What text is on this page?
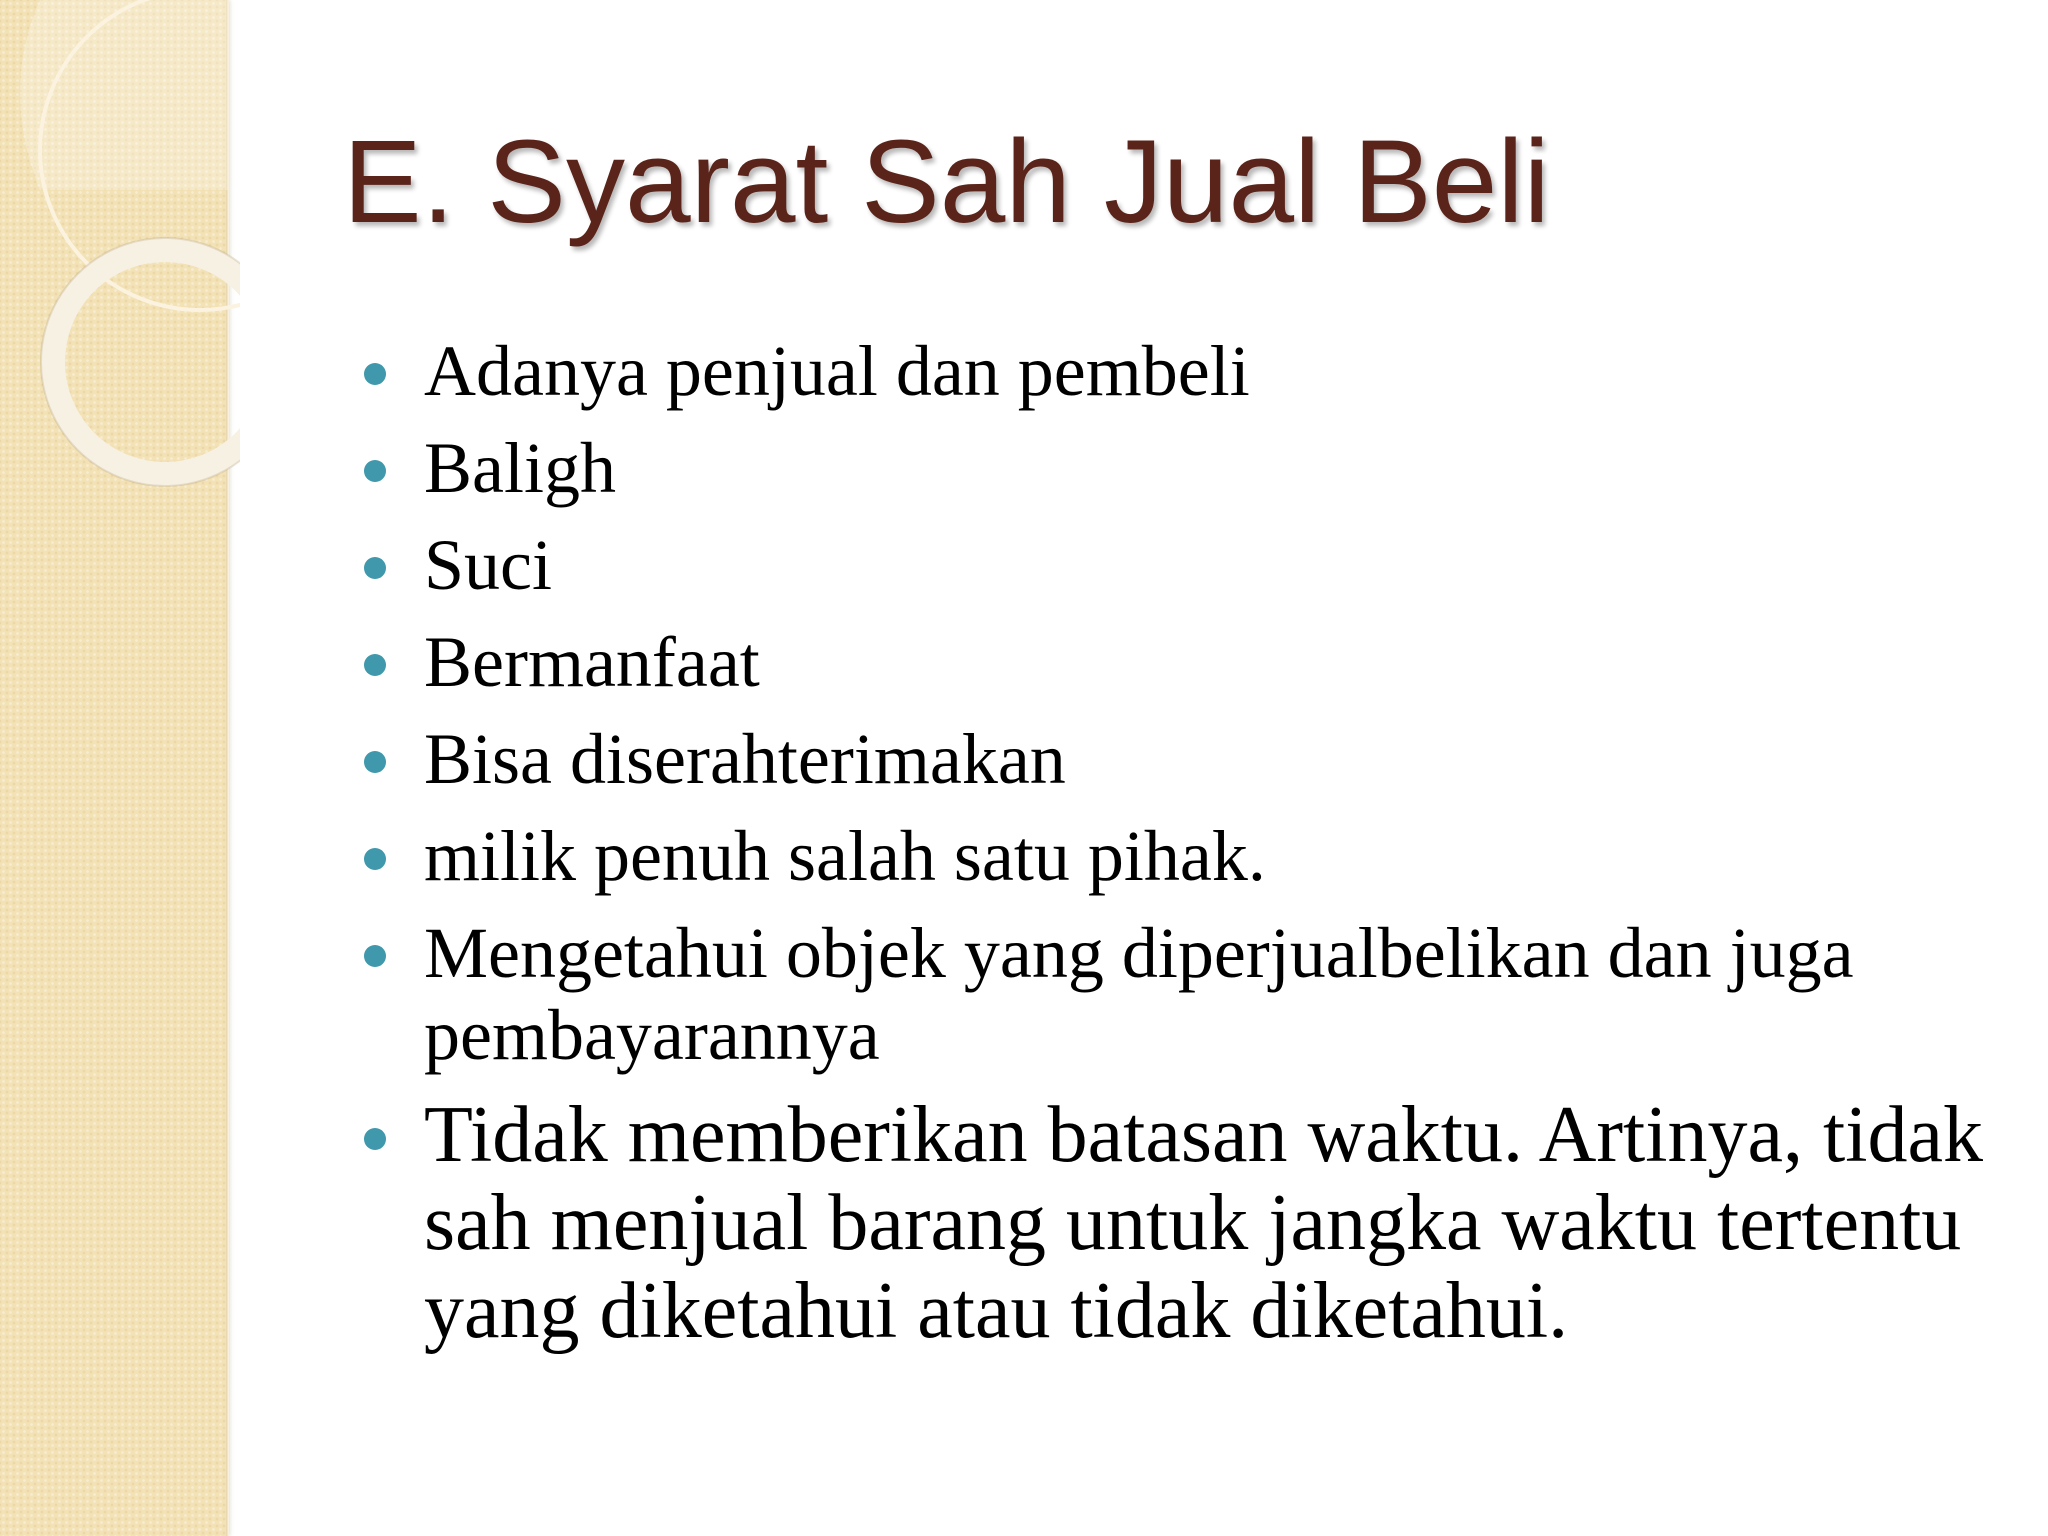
E. Syarat Sah Jual Beli
Adanya penjual dan pembeli
Baligh
Suci
Bermanfaat
Bisa diserahterimakan
milik penuh salah satu pihak.
Mengetahui objek yang diperjualbelikan dan juga pembayarannya
Tidak memberikan batasan waktu. Artinya, tidak sah menjual barang untuk jangka waktu tertentu yang diketahui atau tidak diketahui.
